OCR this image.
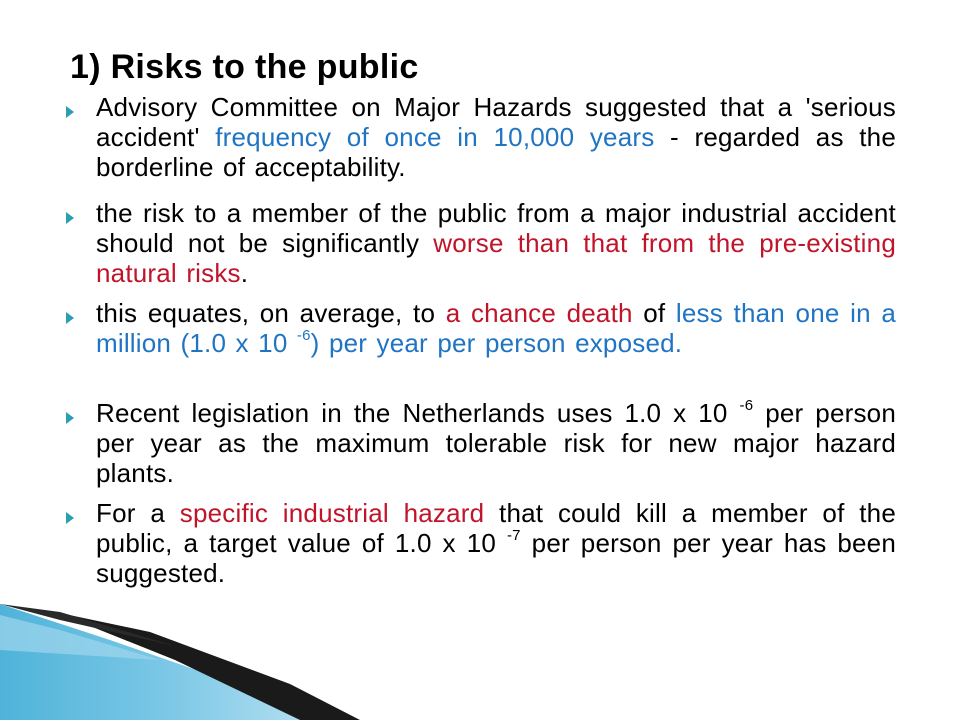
1) Risks to the public

Advisory Committee on Major Hazards suggested that a 'serious accident' frequency of once in 10,000 years - regarded as the borderline of acceptability.

the risk to a member of the public from a major industrial accident should not be significantly worse than that from the pre-existing natural risks.

this equates, on average, to a chance death of less than one in a million (1.0 x 10 $^{-6}$) per year per person exposed.

Recent legislation in the Netherlands uses 1.0 x 10 $^{-6}$ per person per year as the maximum tolerable risk for new major hazard plants.

For a specific industrial hazard that could kill a member of the public, a target value of 1.0 x 10 $^{-7}$ per person per year has been suggested.
